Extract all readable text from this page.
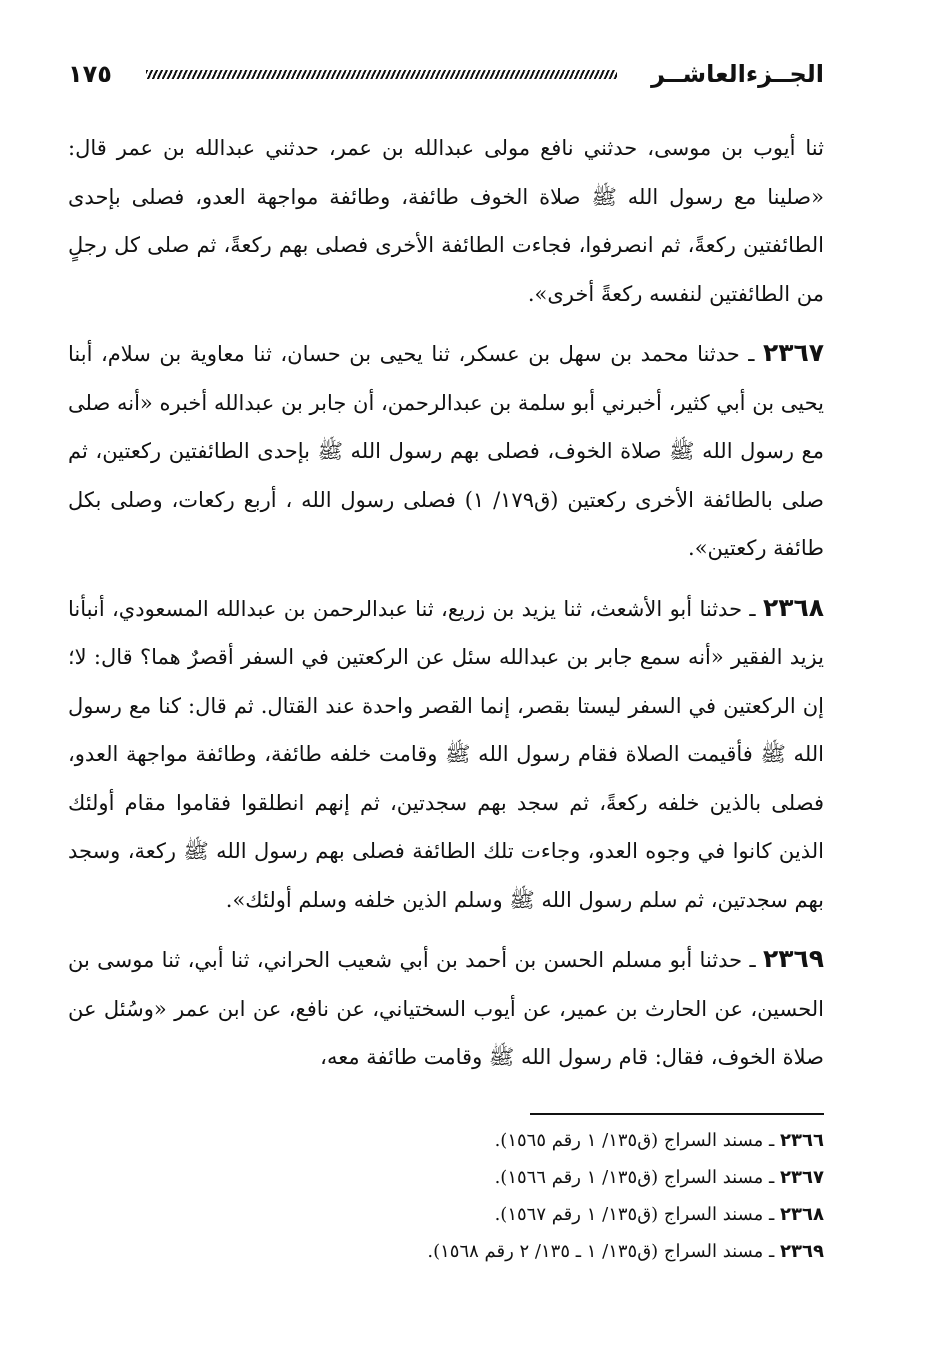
الجــزءالعاشــر
١٧٥

ثنا أيوب بن موسى، حدثني نافع مولى عبدالله بن عمر، حدثني عبدالله بن عمر قال: «صلينا مع رسول الله ﷺ صلاة الخوف طائفة، وطائفة مواجهة العدو، فصلى بإحدى الطائفتين ركعةً، ثم انصرفوا، فجاءت الطائفة الأخرى فصلى بهم ركعةً، ثم صلى كل رجلٍ من الطائفتين لنفسه ركعةً أخرى».

٢٣٦٧ ـ حدثنا محمد بن سهل بن عسكر، ثنا يحيى بن حسان، ثنا معاوية بن سلام، أبنا يحيى بن أبي كثير، أخبرني أبو سلمة بن عبدالرحمن، أن جابر بن عبدالله أخبره «أنه صلى مع رسول الله ﷺ صلاة الخوف، فصلى بهم رسول الله ﷺ بإحدى الطائفتين ركعتين، ثم صلى بالطائفة الأخرى ركعتين (ق١٧٩/ ١) فصلى رسول الله ، أربع ركعات، وصلى بكل طائفة ركعتين».

٢٣٦٨ ـ حدثنا أبو الأشعث، ثنا يزيد بن زريع، ثنا عبدالرحمن بن عبدالله المسعودي، أنبأنا يزيد الفقير «أنه سمع جابر بن عبدالله سئل عن الركعتين في السفر أقصرٌ هما؟ قال: لا؛ إن الركعتين في السفر ليستا بقصر، إنما القصر واحدة عند القتال. ثم قال: كنا مع رسول الله ﷺ فأقيمت الصلاة فقام رسول الله ﷺ وقامت خلفه طائفة، وطائفة مواجهة العدو، فصلى بالذين خلفه ركعةً، ثم سجد بهم سجدتين، ثم إنهم انطلقوا فقاموا مقام أولئك الذين كانوا في وجوه العدو، وجاءت تلك الطائفة فصلى بهم رسول الله ﷺ ركعة، وسجد بهم سجدتين، ثم سلم رسول الله ﷺ وسلم الذين خلفه وسلم أولئك».

٢٣٦٩ ـ حدثنا أبو مسلم الحسن بن أحمد بن أبي شعيب الحراني، ثنا أبي، ثنا موسى بن الحسين، عن الحارث بن عمير، عن أيوب السختياني، عن نافع، عن ابن عمر «وسُئل عن صلاة الخوف، فقال: قام رسول الله ﷺ وقامت طائفة معه،

٢٣٦٦ ـ مسند السراج (ق١٣٥/ ١ رقم ١٥٦٥).
٢٣٦٧ ـ مسند السراج (ق١٣٥/ ١ رقم ١٥٦٦).
٢٣٦٨ ـ مسند السراج (ق١٣٥/ ١ رقم ١٥٦٧).
٢٣٦٩ ـ مسند السراج (ق١٣٥/ ١ ـ ١٣٥/ ٢ رقم ١٥٦٨).
